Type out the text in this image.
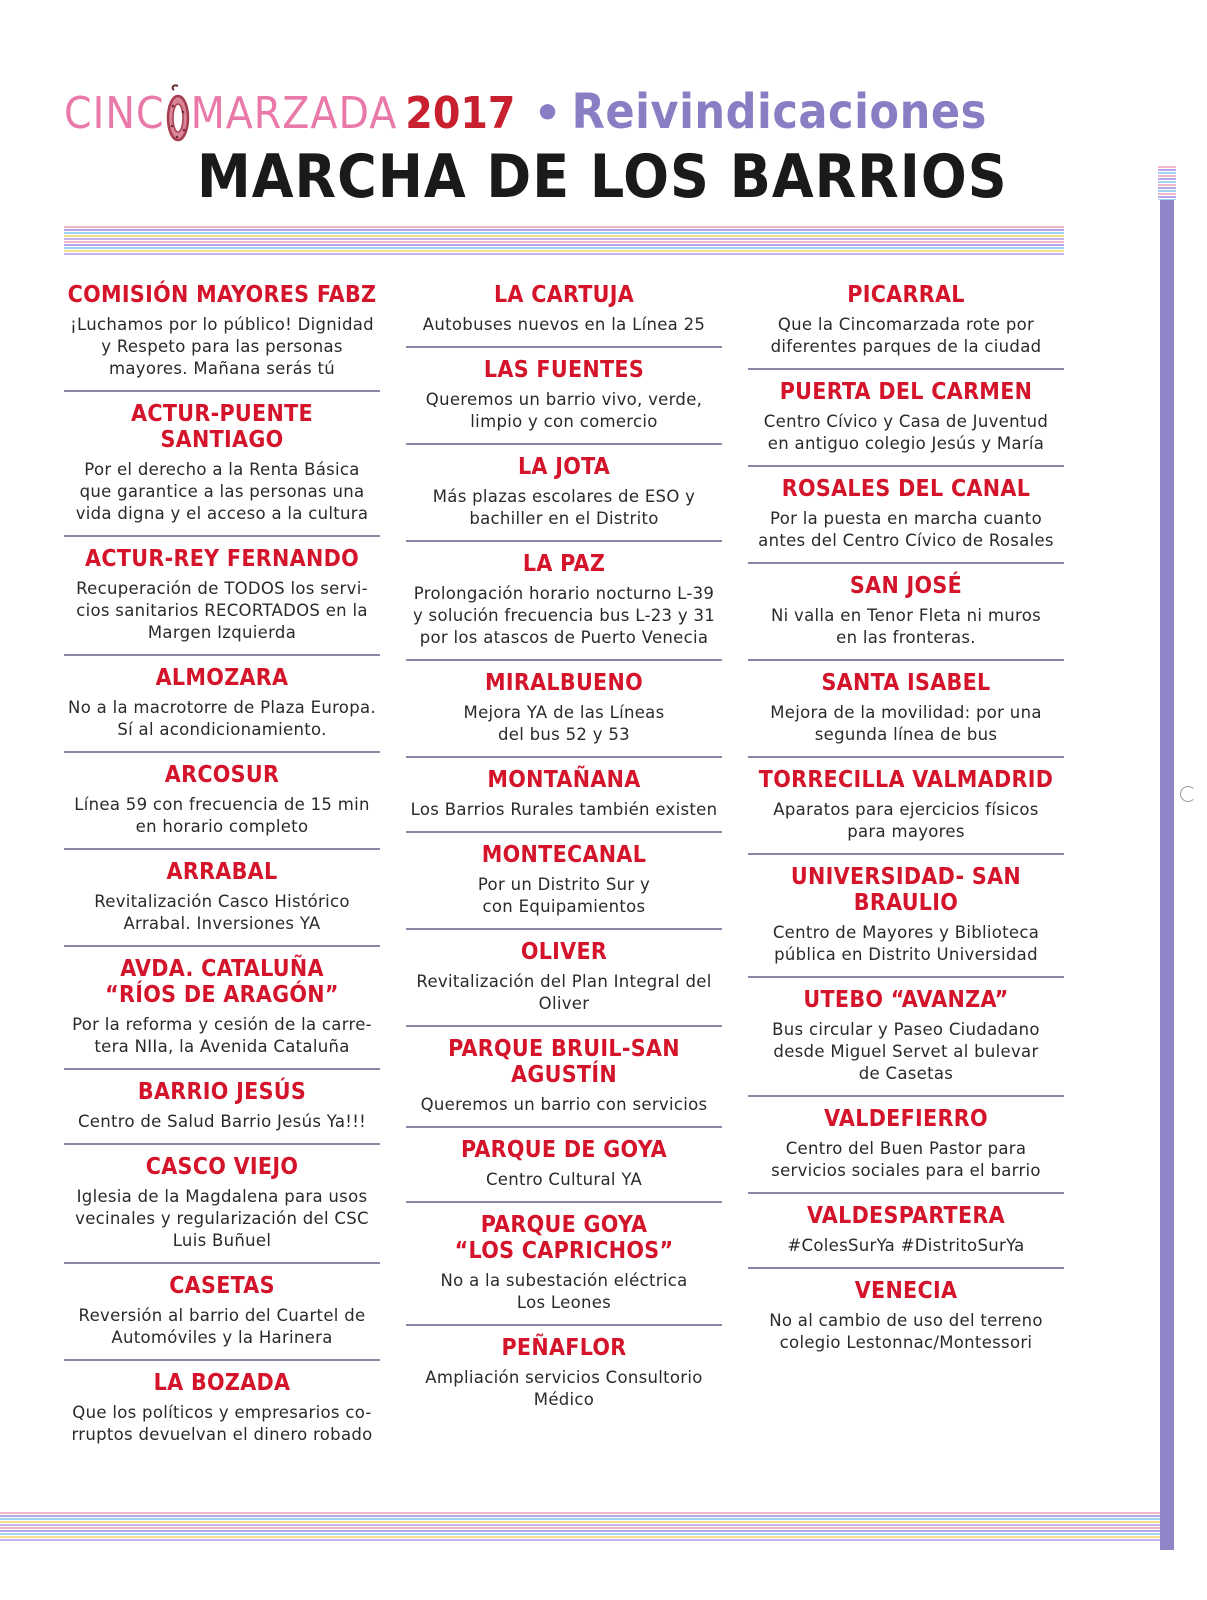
CINC MARZADA 2017 • Reivindicaciones
MARCHA DE LOS BARRIOS
COMISIÓN MAYORES FABZ
¡Luchamos por lo público! Dignidad
y Respeto para las personas
mayores. Mañana serás tú
ACTUR-PUENTE SANTIAGO
Por el derecho a la Renta Básica
que garantice a las personas una
vida digna y el acceso a la cultura
ACTUR-REY FERNANDO
Recuperación de TODOS los servi-
cios sanitarios RECORTADOS en la
Margen Izquierda
ALMOZARA
No a la macrotorre de Plaza Europa.
Sí al acondicionamiento.
ARCOSUR
Línea 59 con frecuencia de 15 min
en horario completo
ARRABAL
Revitalización Casco Histórico
Arrabal. Inversiones YA
AVDA. CATALUÑA
“RÍOS DE ARAGÓN”
Por la reforma y cesión de la carre-
tera NIIa, la Avenida Cataluña
BARRIO JESÚS
Centro de Salud Barrio Jesús Ya!!!
CASCO VIEJO
Iglesia de la Magdalena para usos
vecinales y regularización del CSC
Luis Buñuel
CASETAS
Reversión al barrio del Cuartel de
Automóviles y la Harinera
LA BOZADA
Que los políticos y empresarios co-
rruptos devuelvan el dinero robado
LA CARTUJA
Autobuses nuevos en la Línea 25
LAS FUENTES
Queremos un barrio vivo, verde,
limpio y con comercio
LA JOTA
Más plazas escolares de ESO y
bachiller en el Distrito
LA PAZ
Prolongación horario nocturno L-39
y solución frecuencia bus L-23 y 31
por los atascos de Puerto Venecia
MIRALBUENO
Mejora YA de las Líneas
del bus 52 y 53
MONTAÑANA
Los Barrios Rurales también existen
MONTECANAL
Por un Distrito Sur y
con Equipamientos
OLIVER
Revitalización del Plan Integral del
Oliver
PARQUE BRUIL-SAN AGUSTÍN
Queremos un barrio con servicios
PARQUE DE GOYA
Centro Cultural YA
PARQUE GOYA
“LOS CAPRICHOS”
No a la subestación eléctrica
Los Leones
PEÑAFLOR
Ampliación servicios Consultorio
Médico
PICARRAL
Que la Cincomarzada rote por
diferentes parques de la ciudad
PUERTA DEL CARMEN
Centro Cívico y Casa de Juventud
en antiguo colegio Jesús y María
ROSALES DEL CANAL
Por la puesta en marcha cuanto
antes del Centro Cívico de Rosales
SAN JOSÉ
Ni valla en Tenor Fleta ni muros
en las fronteras.
SANTA ISABEL
Mejora de la movilidad: por una
segunda línea de bus
TORRECILLA VALMADRID
Aparatos para ejercicios físicos
para mayores
UNIVERSIDAD- SAN BRAULIO
Centro de Mayores y Biblioteca
pública en Distrito Universidad
UTEBO “AVANZA”
Bus circular y Paseo Ciudadano
desde Miguel Servet al bulevar
de Casetas
VALDEFIERRO
Centro del Buen Pastor para
servicios sociales para el barrio
VALDESPARTERA
#ColesSurYa #DistritoSurYa
VENECIA
No al cambio de uso del terreno
colegio Lestonnac/Montessori
